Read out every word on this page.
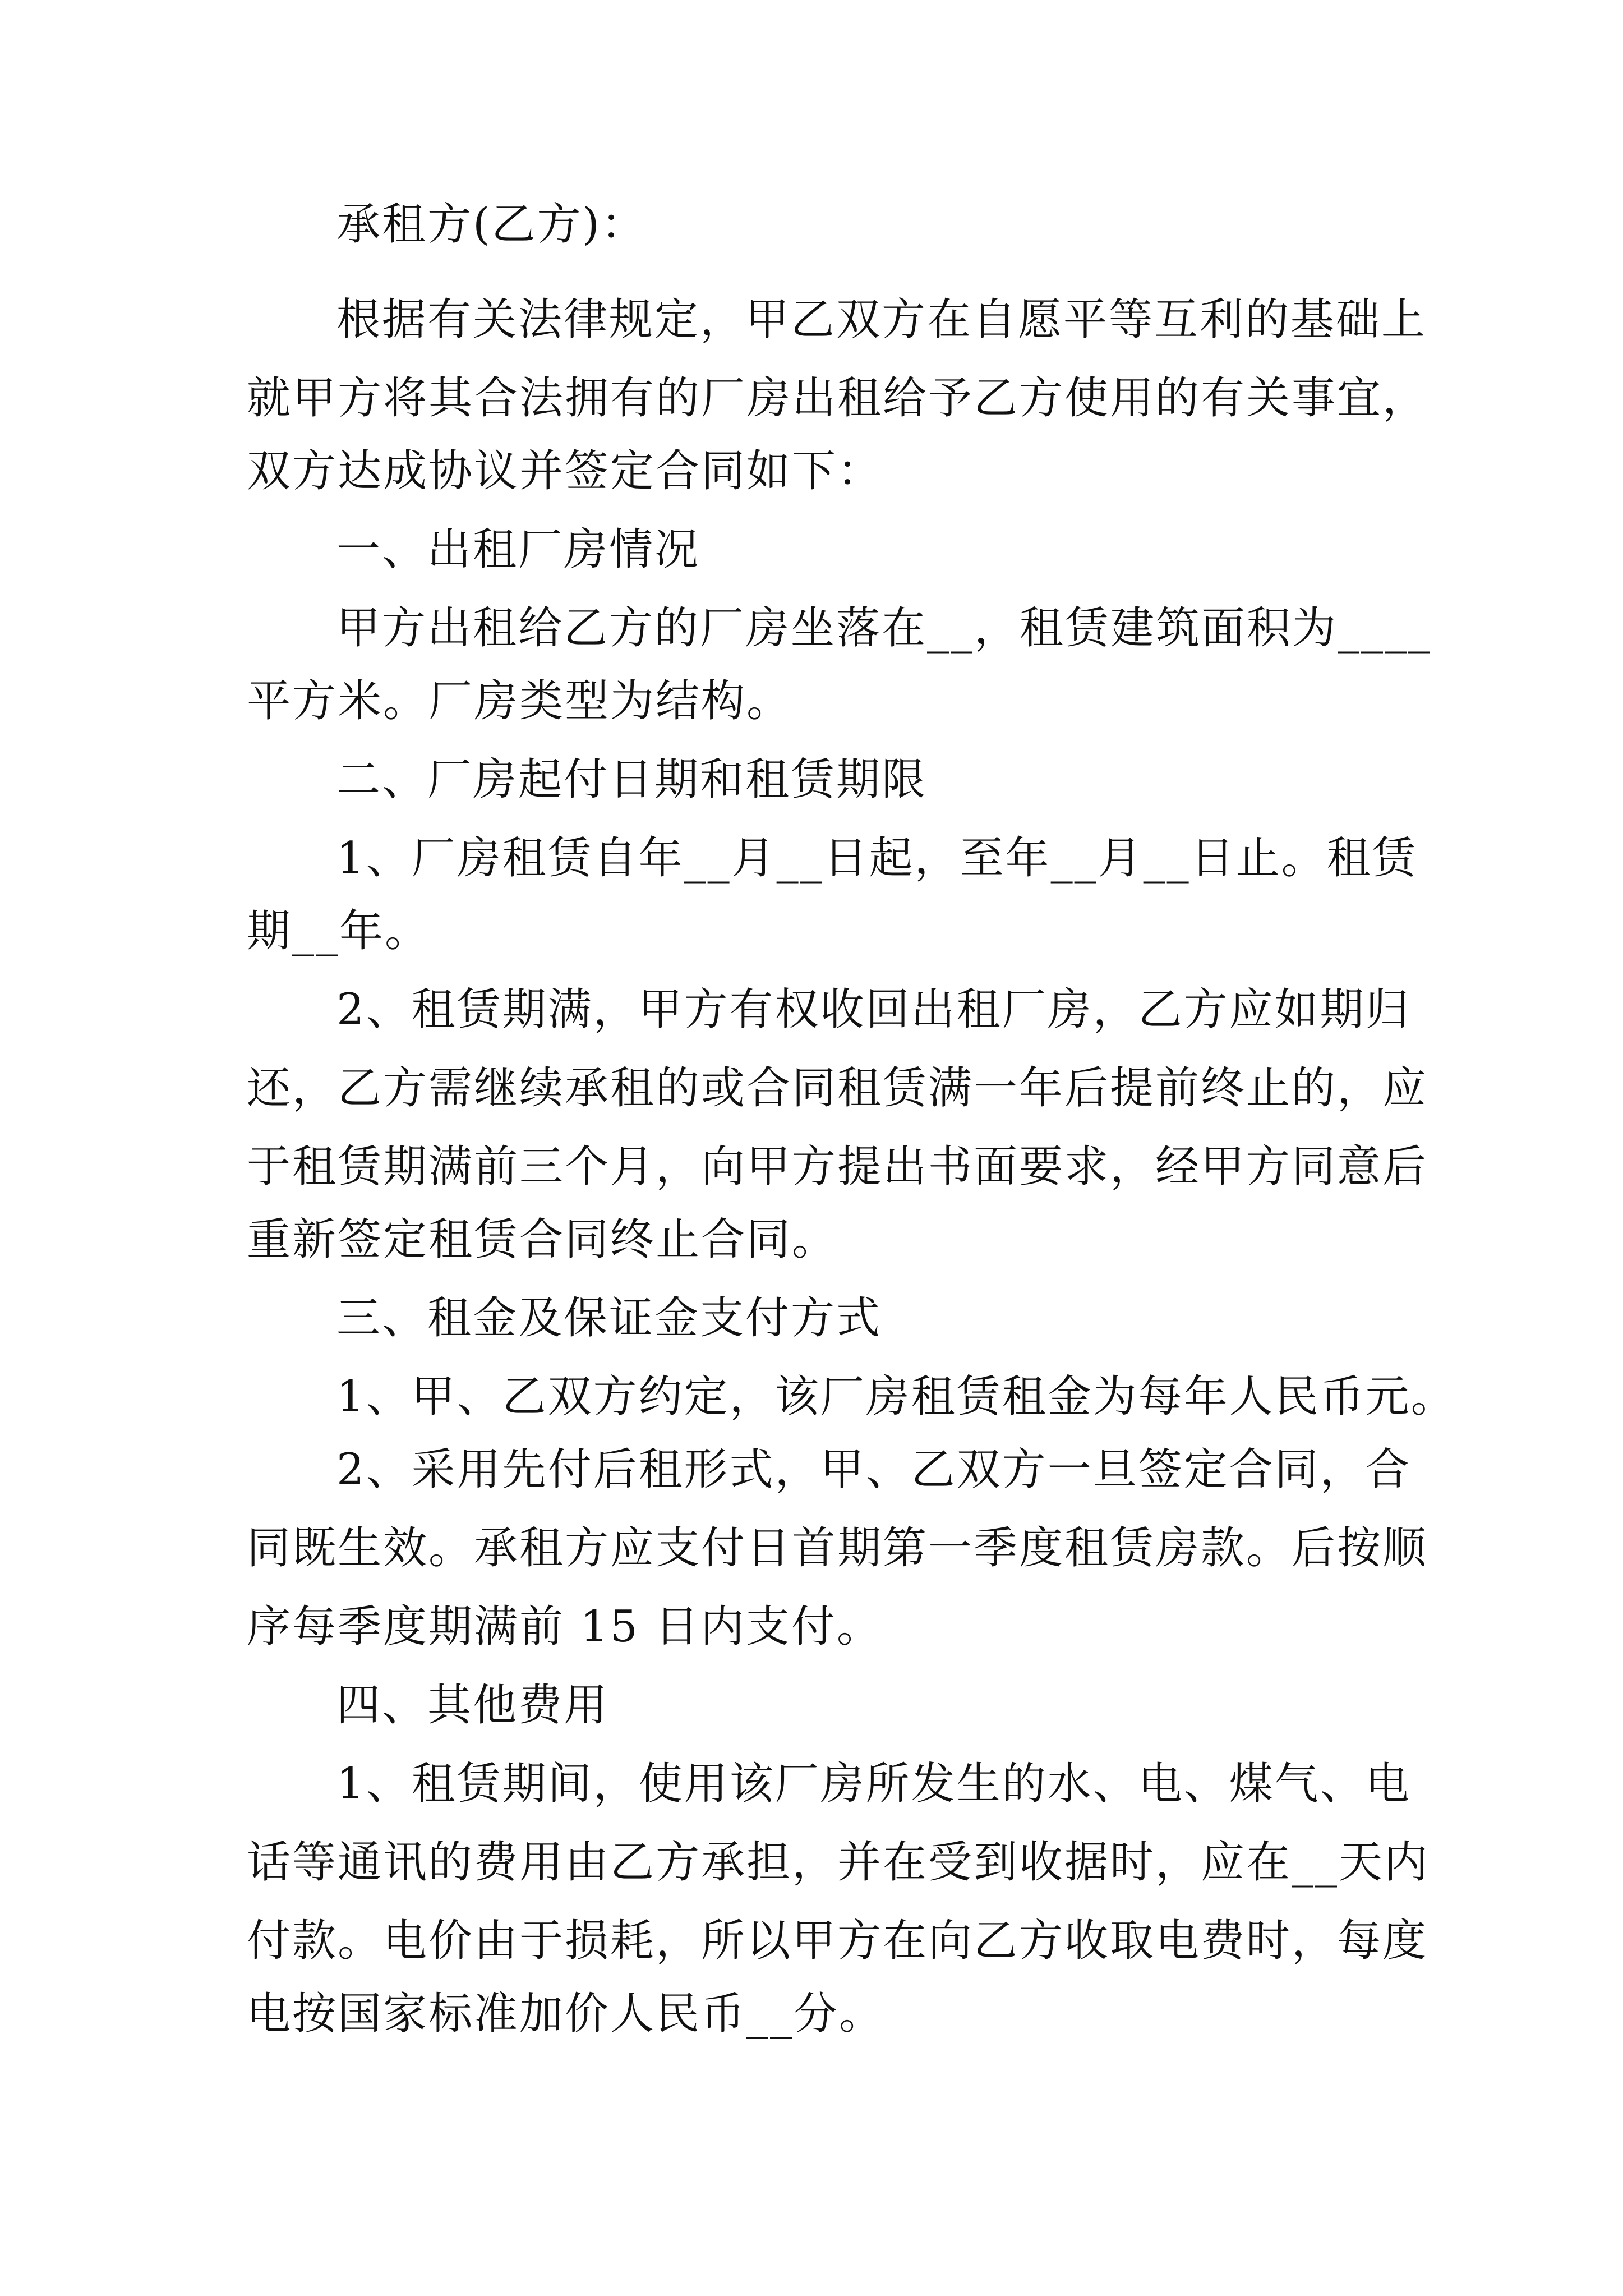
承租方(乙方)：
根据有关法律规定，甲乙双方在自愿平等互利的基础上
就甲方将其合法拥有的厂房出租给予乙方使用的有关事宜，
双方达成协议并签定合同如下：
一、出租厂房情况
甲方出租给乙方的厂房坐落在__，租赁建筑面积为____
平方米。厂房类型为结构。
二、厂房起付日期和租赁期限
1、厂房租赁自年__月__日起，至年__月__日止。租赁
期__年。
2、租赁期满，甲方有权收回出租厂房，乙方应如期归
还，乙方需继续承租的或合同租赁满一年后提前终止的，应
于租赁期满前三个月，向甲方提出书面要求，经甲方同意后
重新签定租赁合同终止合同。
三、租金及保证金支付方式
1、甲、乙双方约定，该厂房租赁租金为每年人民币元。
2、采用先付后租形式，甲、乙双方一旦签定合同，合
同既生效。承租方应支付日首期第一季度租赁房款。后按顺
序每季度期满前 15 日内支付。
四、其他费用
1、租赁期间，使用该厂房所发生的水、电、煤气、电
话等通讯的费用由乙方承担，并在受到收据时，应在__天内
付款。电价由于损耗，所以甲方在向乙方收取电费时，每度
电按国家标准加价人民币__分。
